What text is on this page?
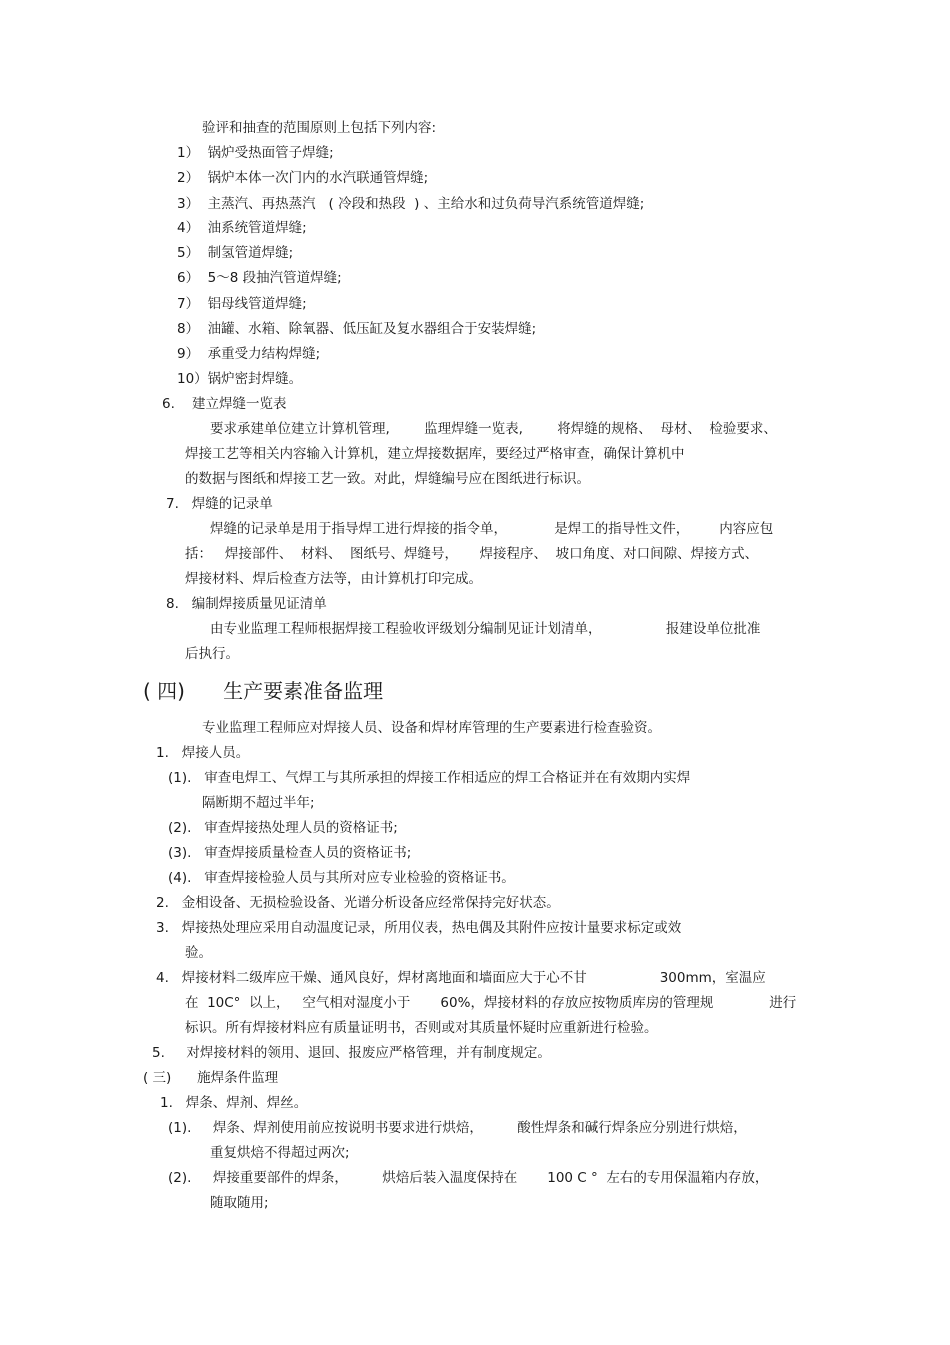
验评和抽查的范围原则上包括下列内容:
1）  锅炉受热面管子焊缝;
2）  锅炉本体一次门内的水汽联通管焊缝;
3）  主蒸汽、再热蒸汽   ( 冷段和热段  ) 、主给水和过负荷导汽系统管道焊缝;
4）  油系统管道焊缝;
5）  制氢管道焊缝;
6）  5～8 段抽汽管道焊缝;
7）  铝母线管道焊缝;
8）  油罐、水箱、除氧器、低压缸及复水器组合于安装焊缝;
9）  承重受力结构焊缝;
10）锅炉密封焊缝。
6.    建立焊缝一览表
要求承建单位建立计算机管理,        监理焊缝一览表,        将焊缝的规格、  母材、  检验要求、
焊接工艺等相关内容输入计算机，建立焊接数据库，要经过严格审查，确保计算机中
的数据与图纸和焊接工艺一致。对此，焊缝编号应在图纸进行标识。
7.   焊缝的记录单
焊缝的记录单是用于指导焊工进行焊接的指令单，           是焊工的指导性文件，       内容应包
括：   焊接部件、  材料、  图纸号、焊缝号，     焊接程序、  坡口角度、对口间隙、焊接方式、
焊接材料、焊后检查方法等，由计算机打印完成。
8.   编制焊接质量见证清单
由专业监理工程师根据焊接工程验收评级划分编制见证计划清单，               报建设单位批准
后执行。
( 四)      生产要素准备监理
专业监理工程师应对焊接人员、设备和焊材库管理的生产要素进行检查验资。
1.   焊接人员。
(1).   审查电焊工、气焊工与其所承担的焊接工作相适应的焊工合格证并在有效期内实焊
隔断期不超过半年;
(2).   审查焊接热处理人员的资格证书;
(3).   审查焊接质量检查人员的资格证书;
(4).   审查焊接检验人员与其所对应专业检验的资格证书。
2.   金相设备、无损检验设备、光谱分析设备应经常保持完好状态。
3.   焊接热处理应采用自动温度记录，所用仪表，热电偶及其附件应按计量要求标定或效
验。
4.   焊接材料二级库应干燥、通风良好，焊材离地面和墙面应大于心不甘                 300mm，室温应
在  10C°  以上，   空气相对湿度小于       60%，焊接材料的存放应按物质库房的管理规             进行
标识。所有焊接材料应有质量证明书，否则或对其质量怀疑时应重新进行检验。
5.     对焊接材料的领用、退回、报废应严格管理，并有制度规定。
( 三)      施焊条件监理
1.   焊条、焊剂、焊丝。
(1).     焊条、焊剂使用前应按说明书要求进行烘焙，        酸性焊条和碱行焊条应分别进行烘焙，
重复烘焙不得超过两次;
(2).     焊接重要部件的焊条，        烘焙后装入温度保持在       100 C °  左右的专用保温箱内存放，
随取随用;
